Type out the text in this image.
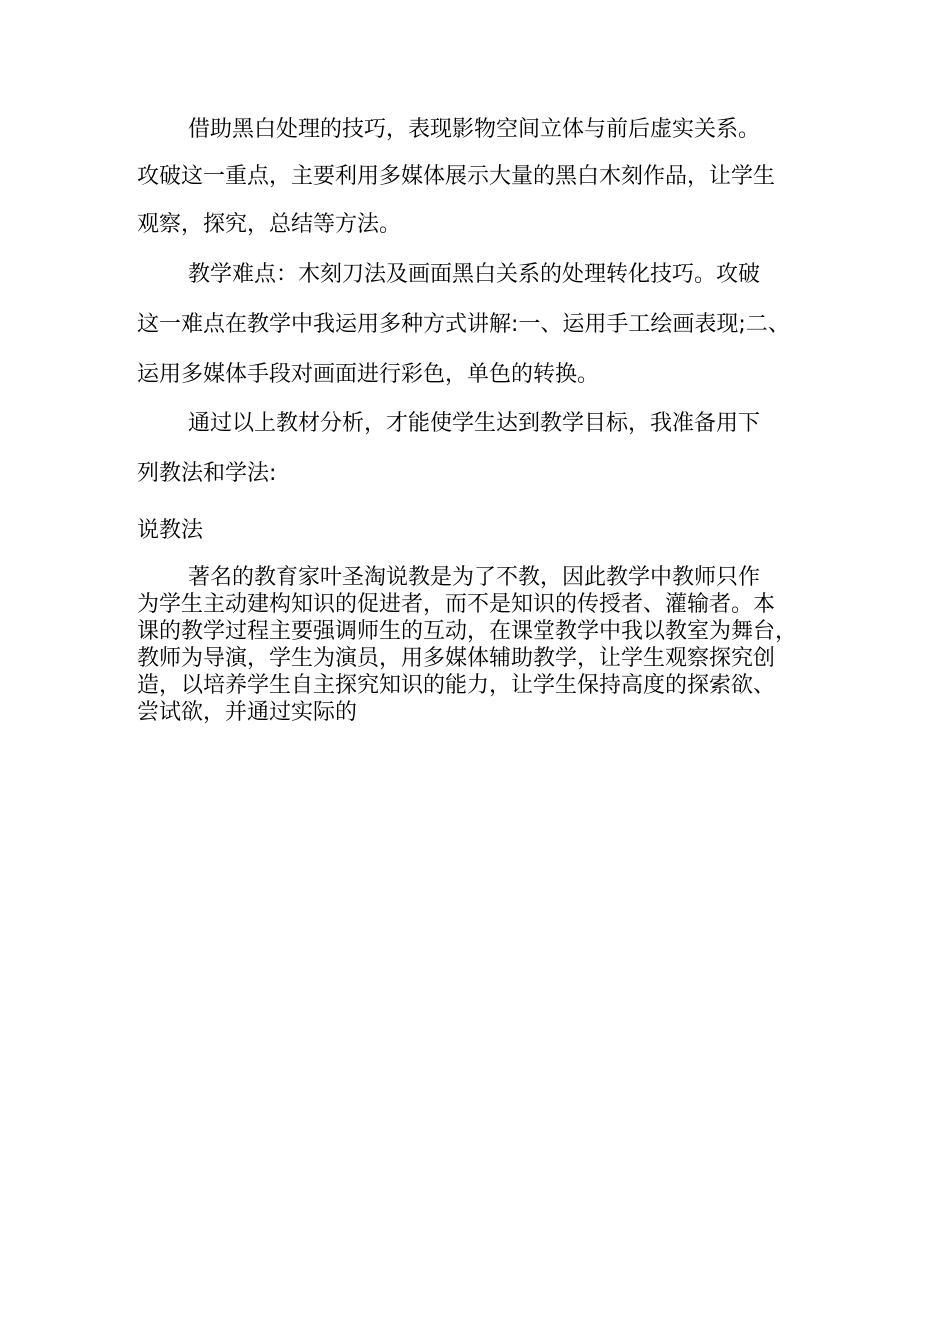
借助黑白处理的技巧，表现影物空间立体与前后虚实关系。
攻破这一重点，主要利用多媒体展示大量的黑白木刻作品，让学生
观察，探究，总结等方法。
教学难点：木刻刀法及画面黑白关系的处理转化技巧。攻破
这一难点在教学中我运用多种方式讲解:一、运用手工绘画表现;二、
运用多媒体手段对画面进行彩色，单色的转换。
通过以上教材分析，才能使学生达到教学目标，我准备用下
列教法和学法:
说教法
著名的教育家叶圣淘说教是为了不教，因此教学中教师只作
为学生主动建构知识的促进者，而不是知识的传授者、灌输者。本
课的教学过程主要强调师生的互动，在课堂教学中我以教室为舞台，
教师为导演，学生为演员，用多媒体辅助教学，让学生观察探究创
造，以培养学生自主探究知识的能力，让学生保持高度的探索欲、
尝试欲，并通过实际的
